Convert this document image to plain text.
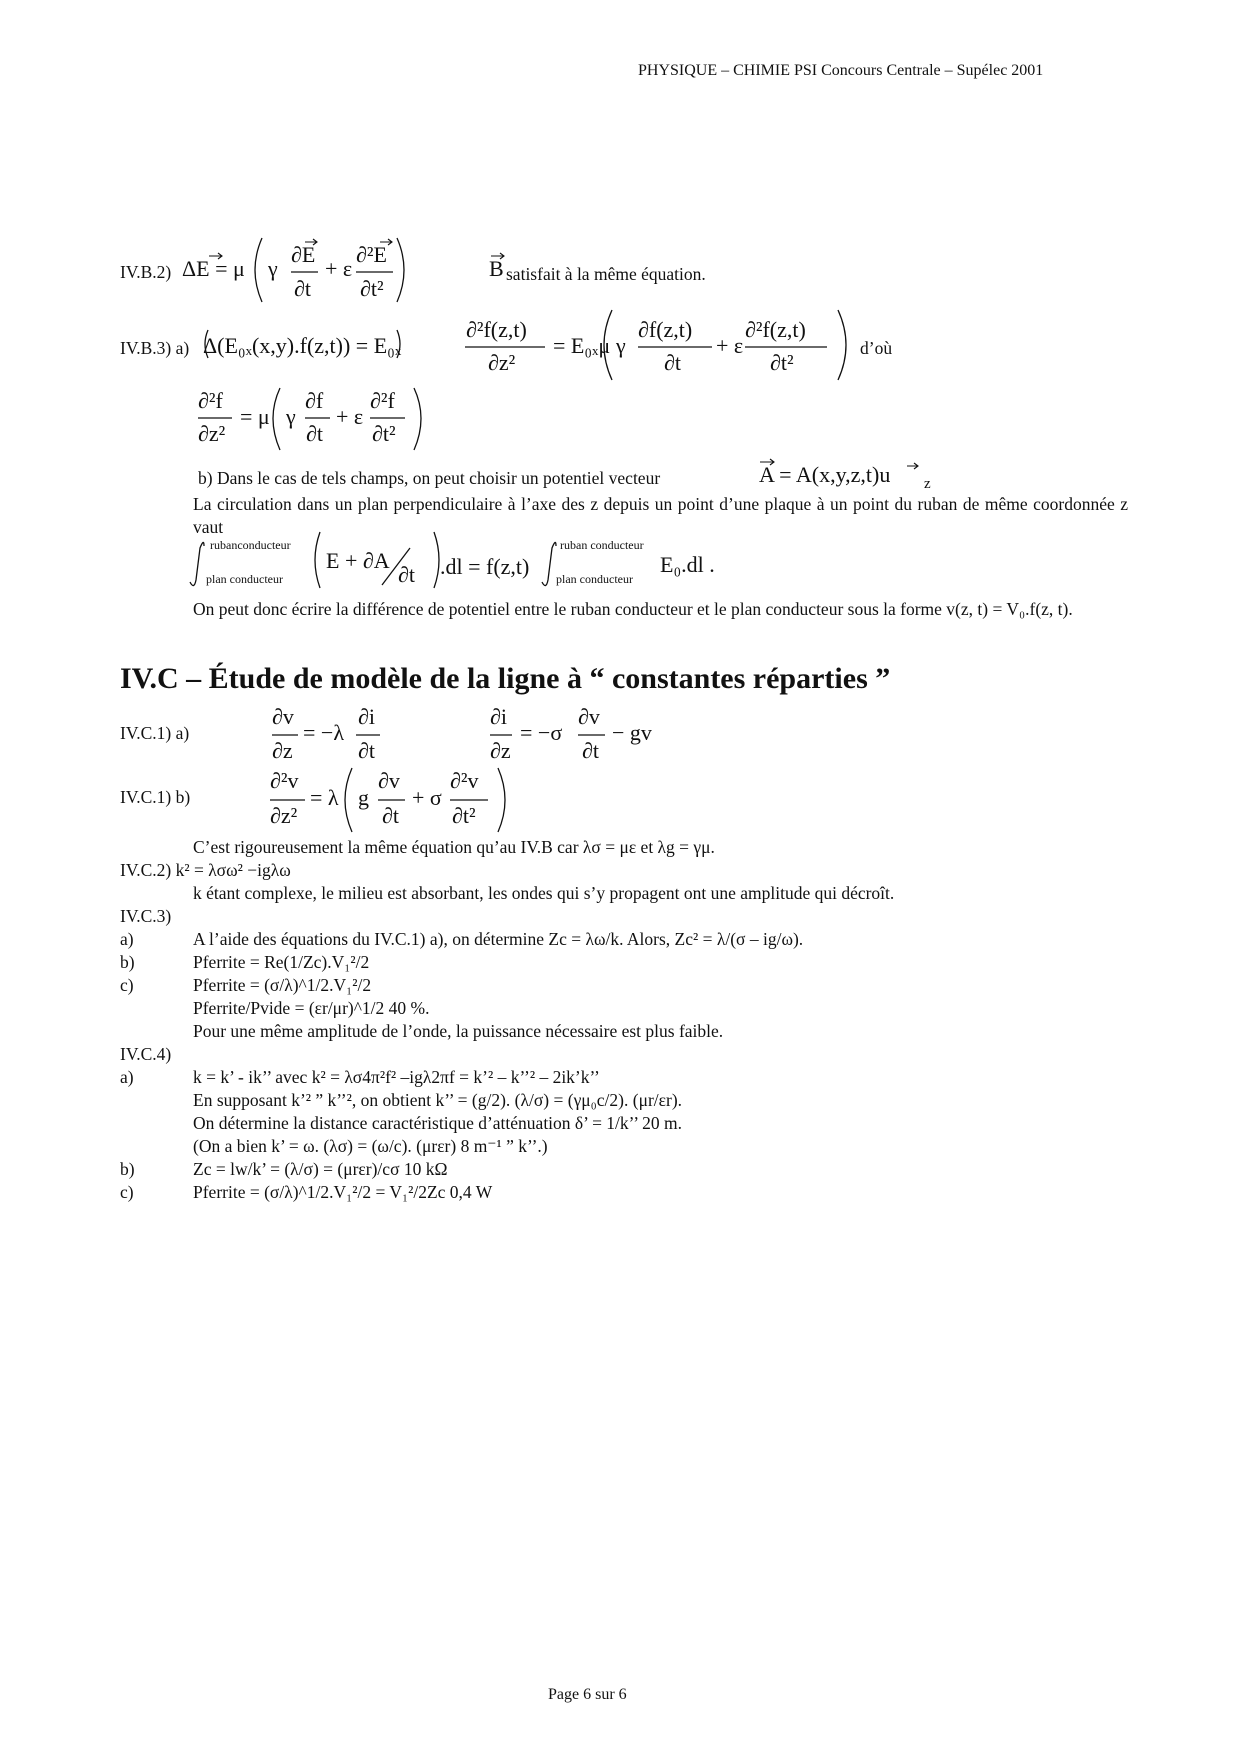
PHYSIQUE – CHIMIE PSI Concours Centrale – Supélec 2001
IV.B.2) ΔE = μ γ
∂E
∂t
+ ε
∂²E
∂t²
B satisfait à la même équation.
IV.B.3) a) Δ(E₀ₓ(x,y).f(z,t)) = E₀ₓ
∂²f(z,t)
∂z²
= E₀ₓμ γ
∂f(z,t)
∂t
+ ε
∂²f(z,t)
∂t²
d’où
∂²f
∂z²
= μ γ
∂f
∂t
+ ε
∂²f
∂t²
b) Dans le cas de tels champs, on peut choisir un potentiel vecteur	A = A(x,y,z,t)u z
La circulation dans un plan perpendiculaire à l’axe des z depuis un point d’une plaque à un point du ruban de même coordonnée z vaut
rubanconducteur
plan conducteur
E + ∂A
∂t .dl = f(z,t)
ruban conducteur
plan conducteur
E₀.dl .
On peut donc écrire la différence de potentiel entre le ruban conducteur et le plan conducteur sous la forme v(z, t) = V₀.f(z, t).
IV.C – Étude de modèle de la ligne à “ constantes réparties ”
IV.C.1) a)
∂v
∂z
= −λ
∂i
∂t
∂i
∂z
= −σ
∂v
∂t
− gv
IV.C.1) b)
∂²v
∂z²
= λ g
∂v
∂t
+ σ
∂²v
∂t²
C’est rigoureusement la même équation qu’au IV.B car λσ = με et λg = γμ.
IV.C.2) k² = λσω² −igλω
k étant complexe, le milieu est absorbant, les ondes qui s’y propagent ont une amplitude qui décroît.
IV.C.3)
a)	A l’aide des équations du IV.C.1) a), on détermine Zc = λω/k. Alors, Zc² = λ/(σ – ig/ω).
b)	Pferrite = Re(1/Zc).V₁²/2
c)	Pferrite = (σ/λ)^1/2.V₁²/2
Pferrite/Pvide = (εr/μr)^1/2 40 %.
Pour une même amplitude de l’onde, la puissance nécessaire est plus faible.
IV.C.4)
a)	k = k’ - ik’’ avec k² = λσ4π²f² –igλ2πf = k’² – k’’² – 2ik’k’’
En supposant k’² ” k’’², on obtient k’’ = (g/2). (λ/σ) = (γμ₀c/2). (μr/εr).
On détermine la distance caractéristique d’atténuation δ’ = 1/k’’ 20 m.
(On a bien k’ = ω. (λσ) = (ω/c). (μrεr) 8 m⁻¹ ” k’’.)
b)	Zc = lw/k’ = (λ/σ) = (μrεr)/cσ 10 kΩ
c)	Pferrite = (σ/λ)^1/2.V₁²/2 = V₁²/2Zc 0,4 W
Page 6 sur 6
